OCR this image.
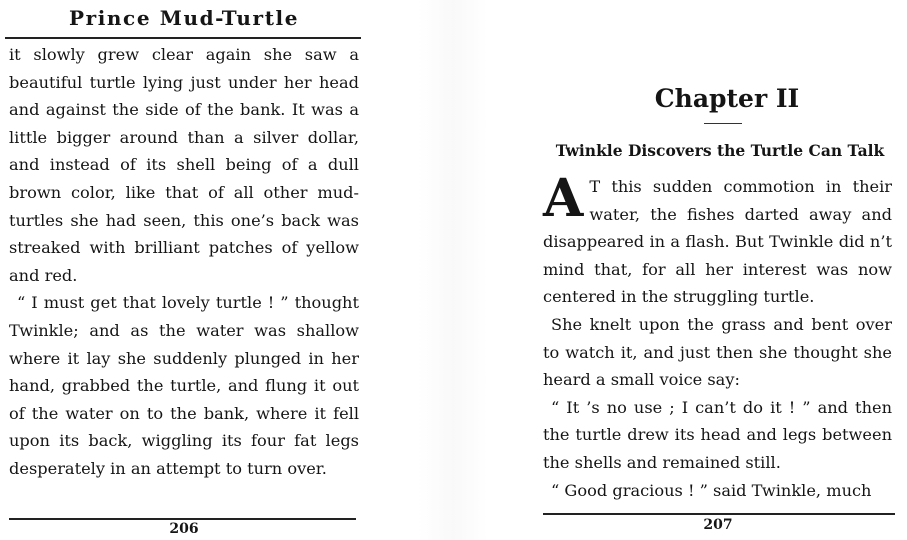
Prince Mud-Turtle

it slowly grew clear again she saw a beautiful turtle lying just under her head and against the side of the bank. It was a little bigger around than a silver dollar, and instead of its shell being of a dull brown color, like that of all other mud-turtles she had seen, this one’s back was streaked with brilliant patches of yellow and red.

“ I must get that lovely turtle ! ” thought Twinkle; and as the water was shallow where it lay she suddenly plunged in her hand, grabbed the turtle, and flung it out of the water on to the bank, where it fell upon its back, wiggling its four fat legs desperately in an attempt to turn over.

206
Chapter II
Twinkle Discovers the Turtle Can Talk

A T this sudden commotion in their water, the fishes darted away and disappeared in a flash. But Twinkle did n’t mind that, for all her interest was now centered in the struggling turtle.

She knelt upon the grass and bent over to watch it, and just then she thought she heard a small voice say:

“ It ’s no use ; I can’t do it ! ” and then the turtle drew its head and legs between the shells and remained still.

“ Good gracious ! ” said Twinkle, much

207
